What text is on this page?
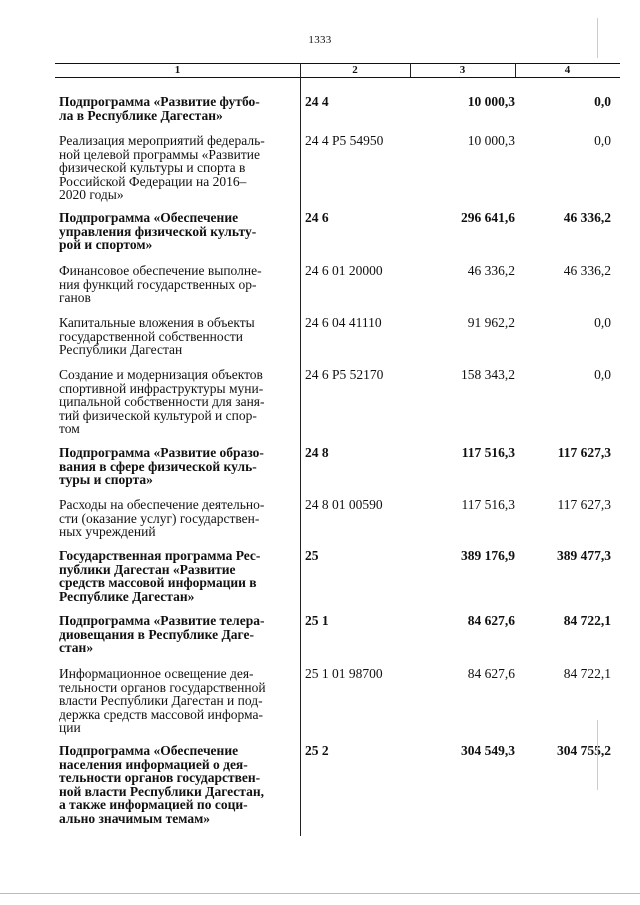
1333
1	2	3	4
Подпрограмма «Развитие футбо-
ла в Республике Дагестан»
24 4	10 000,3	0,0
Реализация мероприятий федераль-
ной целевой программы «Развитие
физической культуры и спорта в
Российской Федерации на 2016–
2020 годы»
24 4 P5 54950	10 000,3	0,0
Подпрограмма «Обеспечение
управления физической культу-
рой и спортом»
24 6	296 641,6	46 336,2
Финансовое обеспечение выполне-
ния функций государственных ор-
ганов
24 6 01 20000	46 336,2	46 336,2
Капитальные вложения в объекты
государственной собственности
Республики Дагестан
24 6 04 41110	91 962,2	0,0
Создание и модернизация объектов
спортивной инфраструктуры муни-
ципальной собственности для заня-
тий физической культурой и спор-
том
24 6 P5 52170	158 343,2	0,0
Подпрограмма «Развитие образо-
вания в сфере физической куль-
туры и спорта»
24 8	117 516,3	117 627,3
Расходы на обеспечение деятельно-
сти (оказание услуг) государствен-
ных учреждений
24 8 01 00590	117 516,3	117 627,3
Государственная программа Рес-
публики Дагестан «Развитие
средств массовой информации в
Республике Дагестан»
25	389 176,9	389 477,3
Подпрограмма «Развитие телера-
диовещания в Республике Даге-
стан»
25 1	84 627,6	84 722,1
Информационное освещение дея-
тельности органов государственной
власти Республики Дагестан и под-
держка средств массовой информа-
ции
25 1 01 98700	84 627,6	84 722,1
Подпрограмма «Обеспечение
населения информацией о дея-
тельности органов государствен-
ной власти Республики Дагестан,
а также информацией по соци-
ально значимым темам»
25 2	304 549,3	304 755,2
